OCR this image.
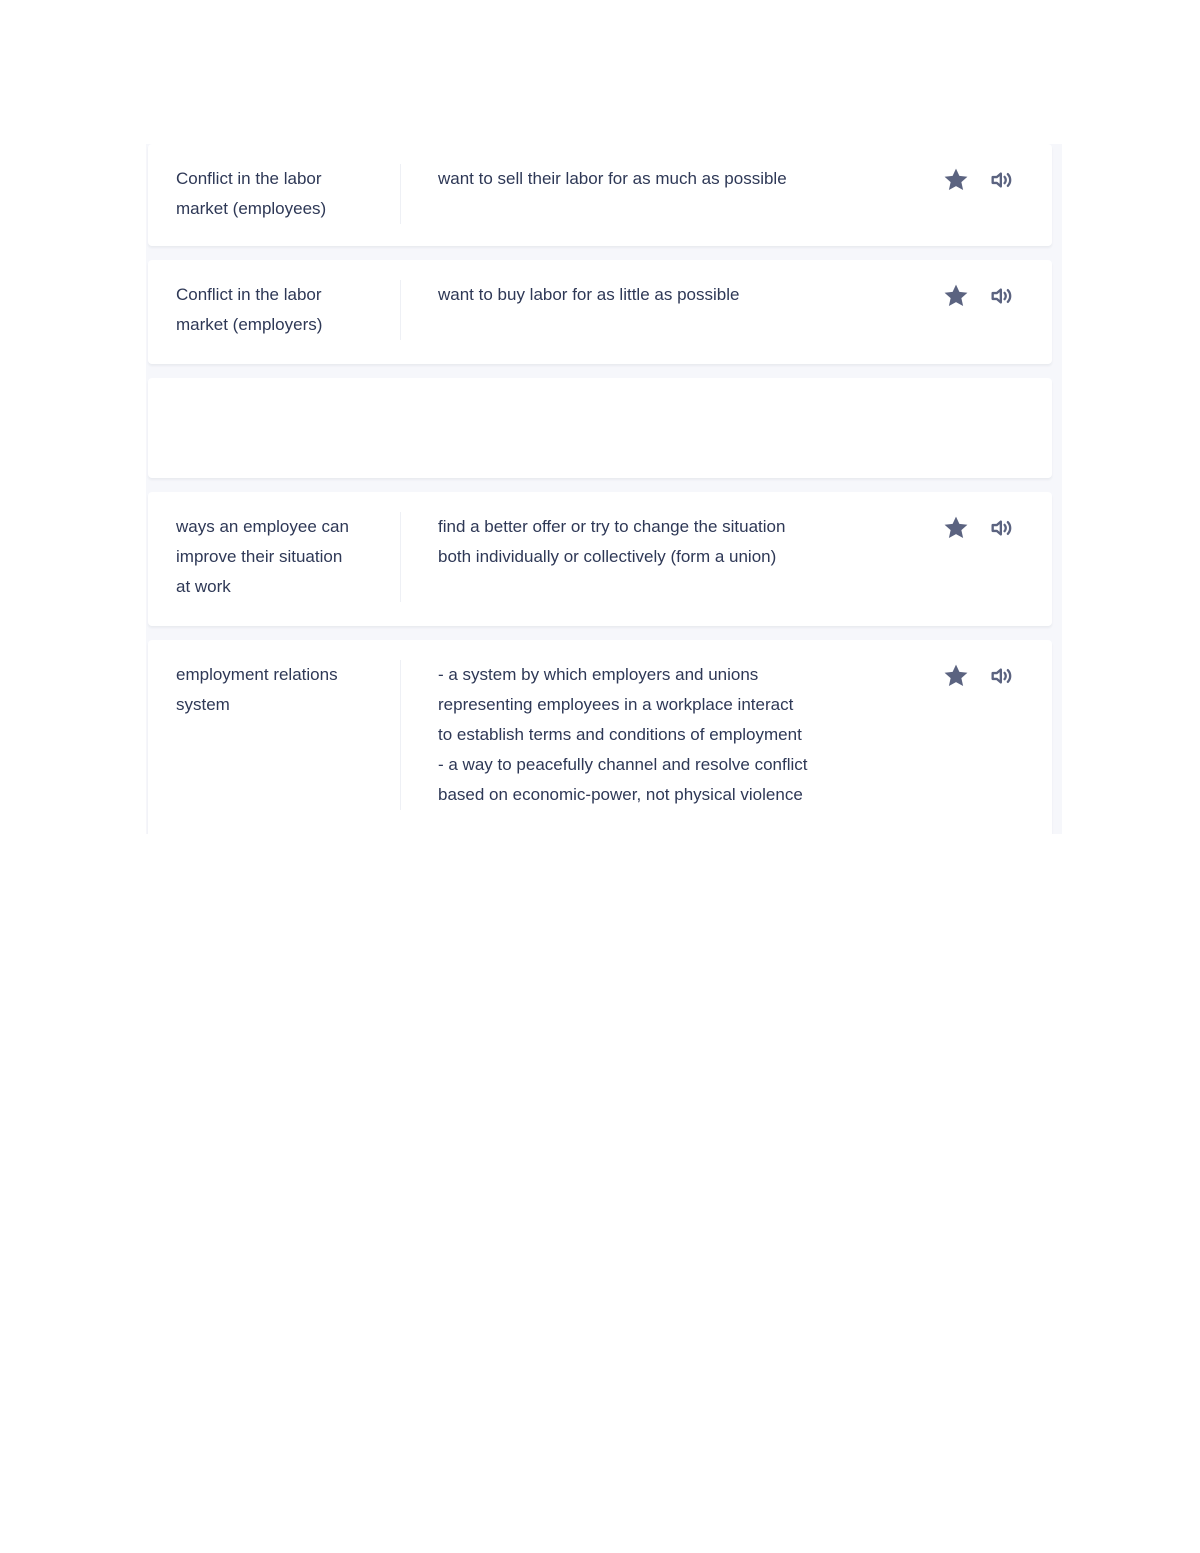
Conflict in the labor
market (employees)
want to sell their labor for as much as possible
Conflict in the labor
market (employers)
want to buy labor for as little as possible
ways an employee can
improve their situation
at work
find a better offer or try to change the situation
both individually or collectively (form a union)
employment relations
system
- a system by which employers and unions
representing employees in a workplace interact
to establish terms and conditions of employment
- a way to peacefully channel and resolve conflict
based on economic-power, not physical violence
